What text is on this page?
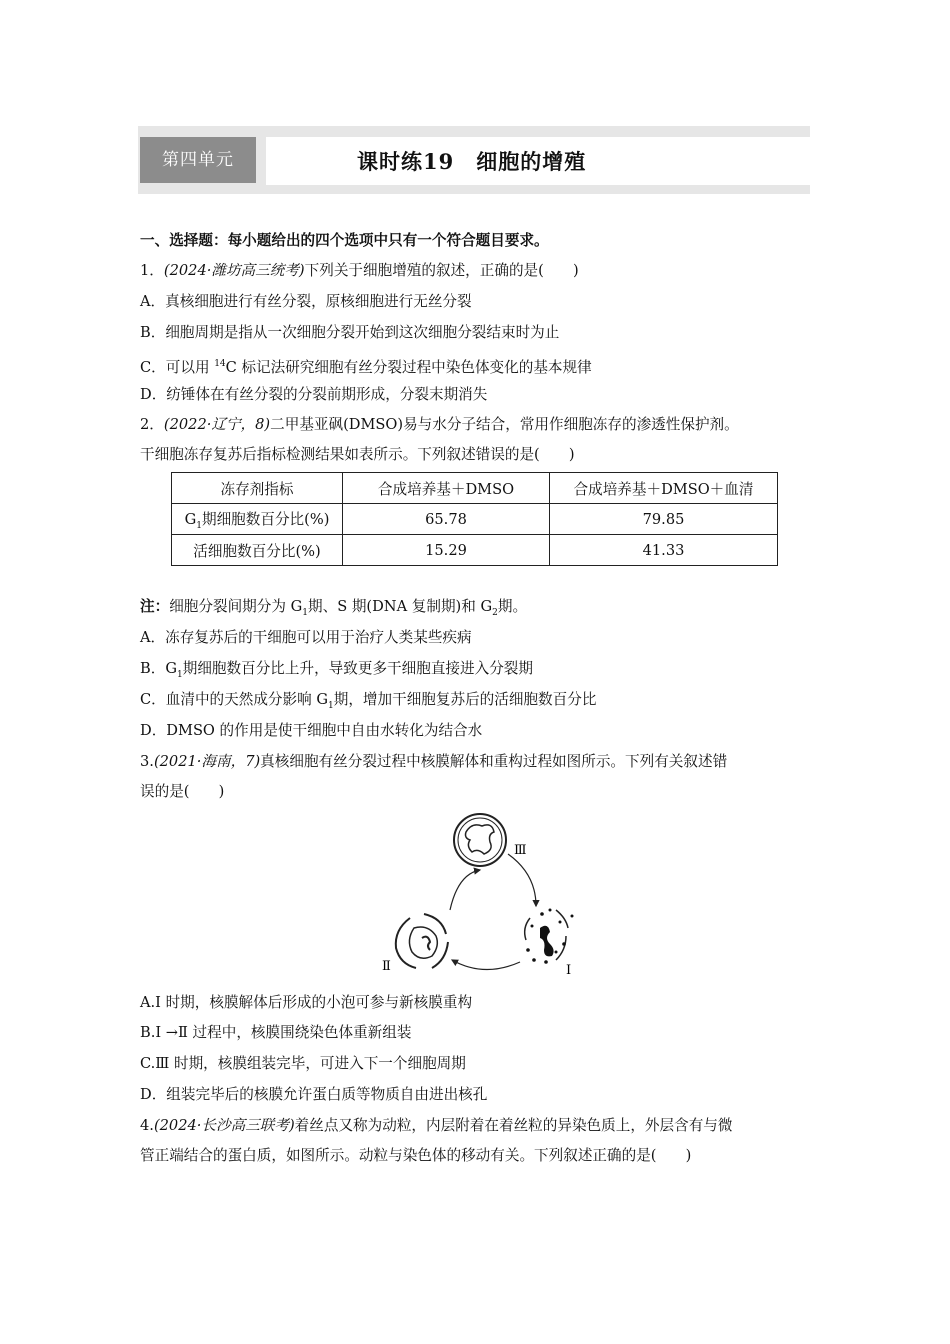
第四单元	课时练19　细胞的增殖
一、选择题：每小题给出的四个选项中只有一个符合题目要求。
1．(2024·潍坊高三统考)下列关于细胞增殖的叙述，正确的是(　　)
A．真核细胞进行有丝分裂，原核细胞进行无丝分裂
B．细胞周期是指从一次细胞分裂开始到这次细胞分裂结束时为止
C．可以用 $^{14}$C 标记法研究细胞有丝分裂过程中染色体变化的基本规律
D．纺锤体在有丝分裂的分裂前期形成，分裂末期消失
2．(2022·辽宁，8)二甲基亚砜(DMSO)易与水分子结合，常用作细胞冻存的渗透性保护剂。
干细胞冻存复苏后指标检测结果如表所示。下列叙述错误的是(　　)
冻存剂指标	合成培养基＋DMSO	合成培养基＋DMSO＋血清
$G_1$期细胞数百分比(%)	65.78	79.85
活细胞数百分比(%)	15.29	41.33
注：细胞分裂间期分为 $G_1$期、S 期(DNA 复制期)和 $G_2$期。
A．冻存复苏后的干细胞可以用于治疗人类某些疾病
B．$G_1$期细胞数百分比上升，导致更多干细胞直接进入分裂期
C．血清中的天然成分影响 $G_1$期，增加干细胞复苏后的活细胞数百分比
D．DMSO 的作用是使干细胞中自由水转化为结合水
3.(2021·海南，7)真核细胞有丝分裂过程中核膜解体和重构过程如图所示。下列有关叙述错
误的是(　　)
Ⅲ
Ⅰ
Ⅱ
A.Ⅰ 时期，核膜解体后形成的小泡可参与新核膜重构
B.Ⅰ →Ⅱ 过程中，核膜围绕染色体重新组装
C.Ⅲ 时期，核膜组装完毕，可进入下一个细胞周期
D．组装完毕后的核膜允许蛋白质等物质自由进出核孔
4.(2024·长沙高三联考)着丝点又称为动粒，内层附着在着丝粒的异染色质上，外层含有与微
管正端结合的蛋白质，如图所示。动粒与染色体的移动有关。下列叙述正确的是(　　)
